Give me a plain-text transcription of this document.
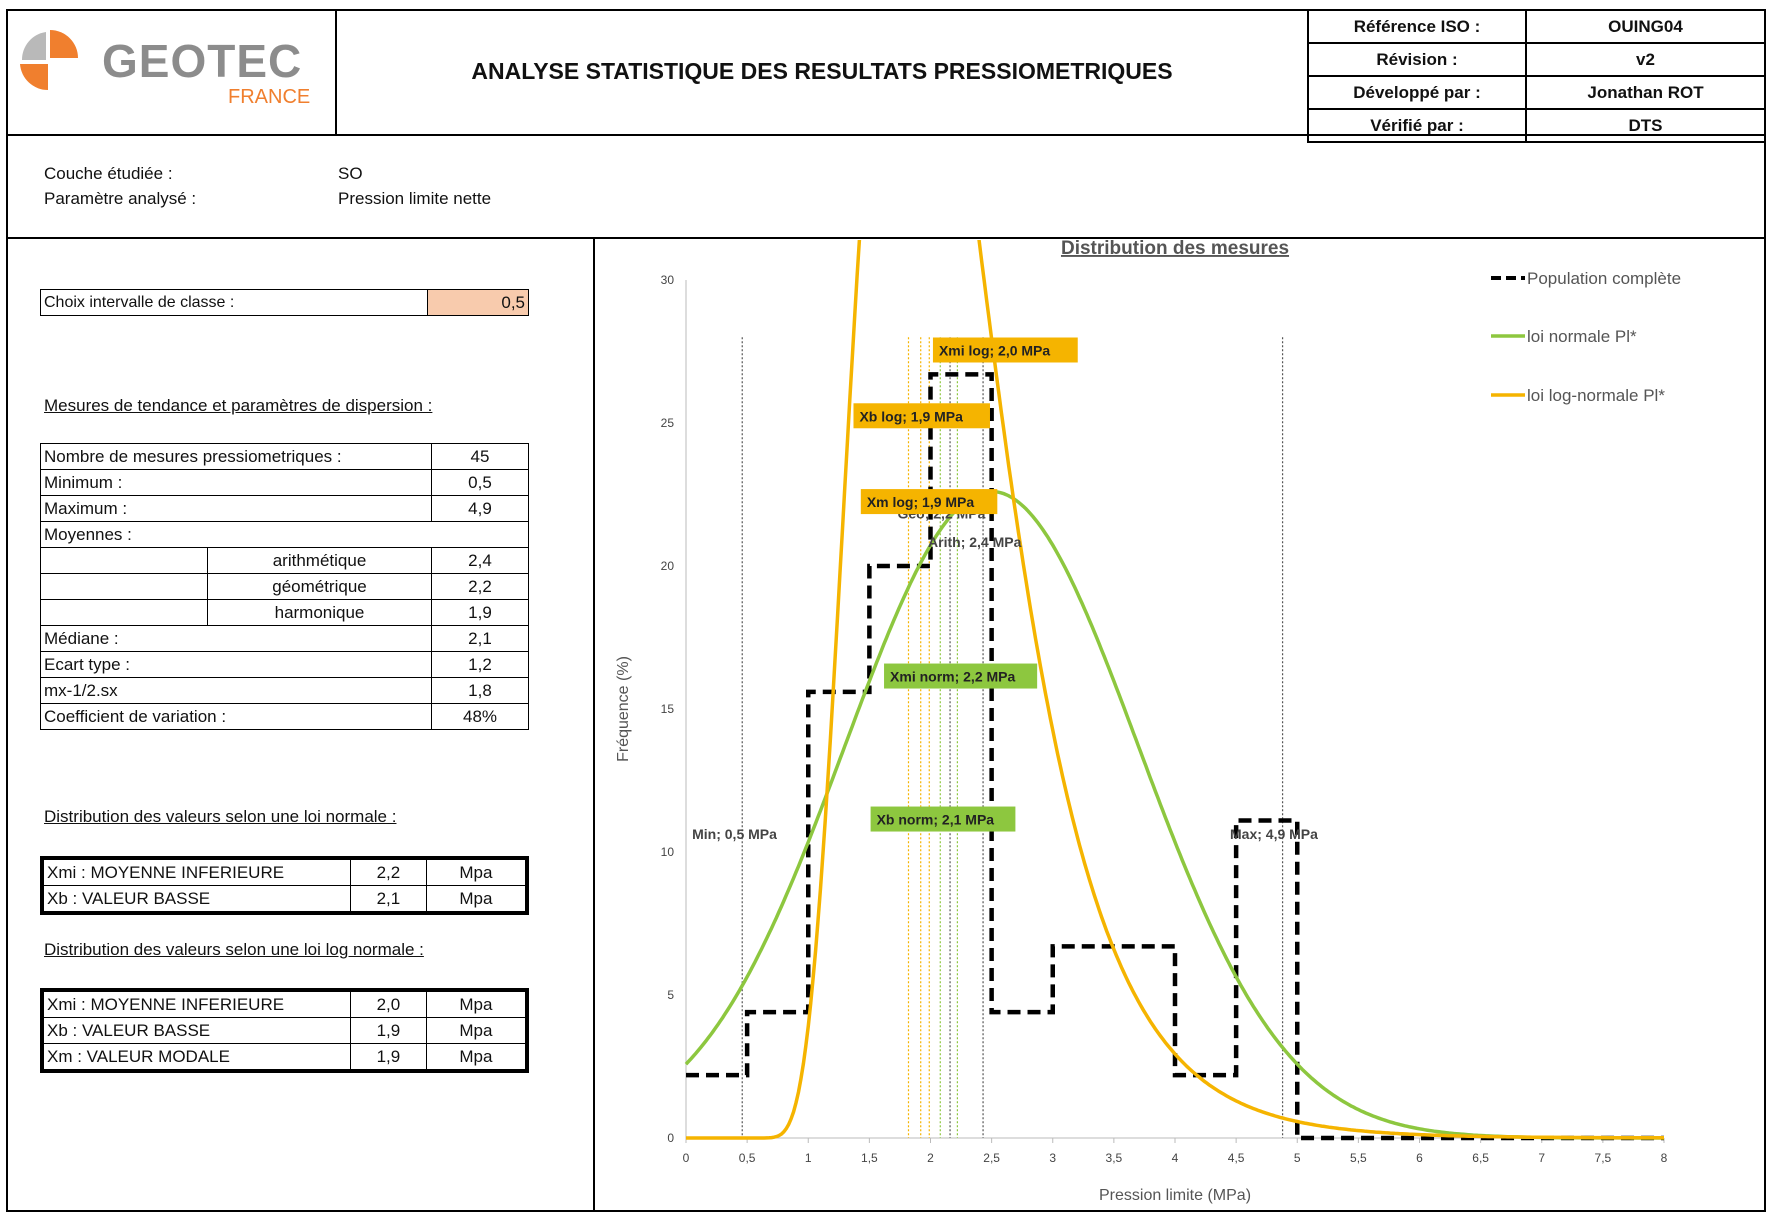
GEOTEC
FRANCE
ANALYSE STATISTIQUE DES RESULTATS PRESSIOMETRIQUES
Référence ISO :	OUING04
Révision :	v2
Développé par :	Jonathan ROT
Vérifié par :	DTS
Couche étudiée :	SO
Paramètre analysé :	Pression limite nette
Choix intervalle de classe :	0,5
Mesures de tendance et paramètres de dispersion :
Nombre de mesures pressiometriques :		45
Minimum :		0,5
Maximum :		4,9
Moyennes :		
	arithmétique	2,4
	géométrique	2,2
	harmonique	1,9
Médiane :		2,1
Ecart type :		1,2
mx-1/2.sx		1,8
Coefficient de variation :		48%
Distribution des valeurs selon une loi normale :
Xmi : MOYENNE INFERIEURE	2,2	Mpa
Xb : VALEUR BASSE	2,1	Mpa
Distribution des valeurs selon une loi log normale :
Xmi : MOYENNE INFERIEURE	2,0	Mpa
Xb : VALEUR BASSE	1,9	Mpa
Xm : VALEUR MODALE	1,9	Mpa
Distribution des mesures
0	0,5	1	1,5	2	2,5	3	3,5	4	4,5	5	5,5	6	6,5	7	7,5	8
0
5
10
15
20
25
30
Pression limite (MPa)
Fréquence (%)
Min; 0,5 MPa	Max; 4,9 MPa
Arith; 2,4 MPa
Xmi log; 2,0 MPa
Xb log; 1,9 MPa
Xm log; 1,9 MPa
Xmi norm; 2,2 MPa
Xb norm; 2,1 MPa
Population complète
loi normale Pl*
loi log-normale Pl*
